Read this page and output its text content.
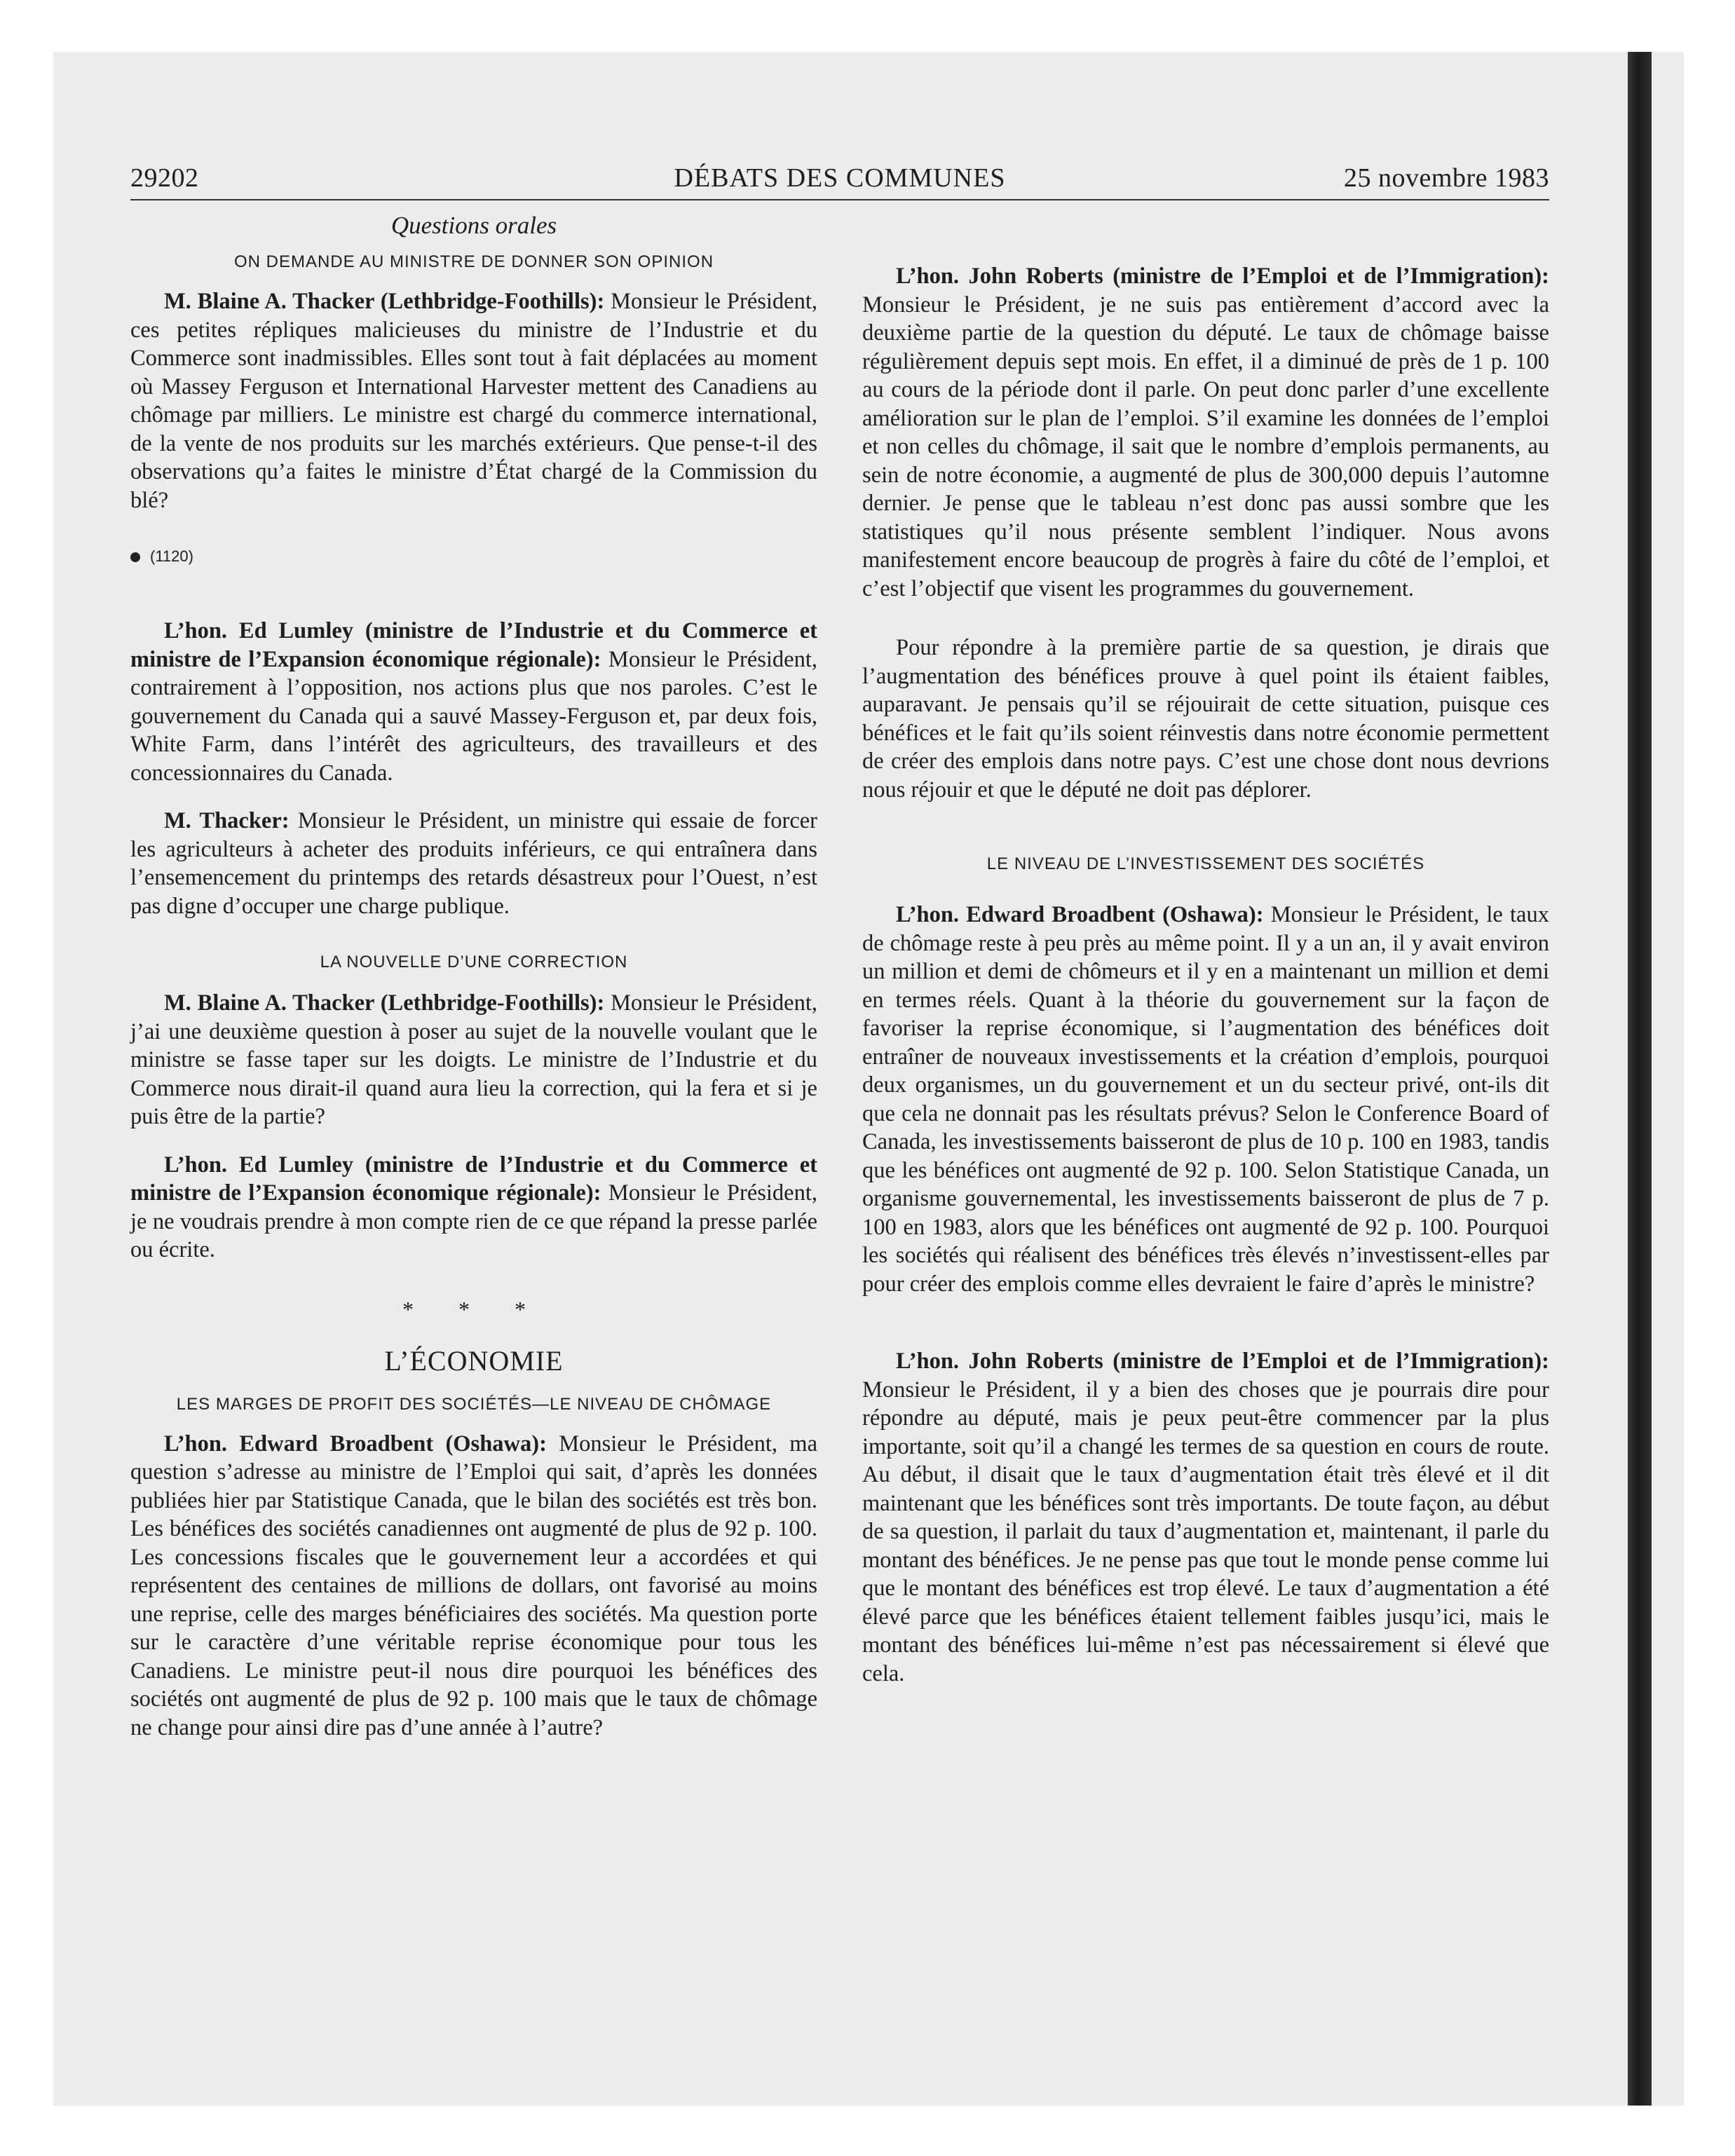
29202	DÉBATS DES COMMUNES	25 novembre 1983
Questions orales
ON DEMANDE AU MINISTRE DE DONNER SON OPINION

M. Blaine A. Thacker (Lethbridge-Foothills): Monsieur le Président, ces petites répliques malicieuses du ministre de l’Industrie et du Commerce sont inadmissibles. Elles sont tout à fait déplacées au moment où Massey Ferguson et International Harvester mettent des Canadiens au chômage par milliers. Le ministre est chargé du commerce international, de la vente de nos produits sur les marchés extérieurs. Que pense-t-il des observations qu’a faites le ministre d’État chargé de la Commission du blé?

(1120)

L’hon. Ed Lumley (ministre de l’Industrie et du Commerce et ministre de l’Expansion économique régionale): Monsieur le Président, contrairement à l’opposition, nos actions plus que nos paroles. C’est le gouvernement du Canada qui a sauvé Massey-Ferguson et, par deux fois, White Farm, dans l’intérêt des agriculteurs, des travailleurs et des concessionnaires du Canada.

M. Thacker: Monsieur le Président, un ministre qui essaie de forcer les agriculteurs à acheter des produits inférieurs, ce qui entraînera dans l’ensemencement du printemps des retards désastreux pour l’Ouest, n’est pas digne d’occuper une charge publique.

LA NOUVELLE D’UNE CORRECTION

M. Blaine A. Thacker (Lethbridge-Foothills): Monsieur le Président, j’ai une deuxième question à poser au sujet de la nouvelle voulant que le ministre se fasse taper sur les doigts. Le ministre de l’Industrie et du Commerce nous dirait-il quand aura lieu la correction, qui la fera et si je puis être de la partie?

L’hon. Ed Lumley (ministre de l’Industrie et du Commerce et ministre de l’Expansion économique régionale): Monsieur le Président, je ne voudrais prendre à mon compte rien de ce que répand la presse parlée ou écrite.

* * *
L’ÉCONOMIE
LES MARGES DE PROFIT DES SOCIÉTÉS—LE NIVEAU DE CHÔMAGE

L’hon. Edward Broadbent (Oshawa): Monsieur le Président, ma question s’adresse au ministre de l’Emploi qui sait, d’après les données publiées hier par Statistique Canada, que le bilan des sociétés est très bon. Les bénéfices des sociétés canadiennes ont augmenté de plus de 92 p. 100. Les concessions fiscales que le gouvernement leur a accordées et qui représentent des centaines de millions de dollars, ont favorisé au moins une reprise, celle des marges bénéficiaires des sociétés. Ma question porte sur le caractère d’une véritable reprise économique pour tous les Canadiens. Le ministre peut-il nous dire pourquoi les bénéfices des sociétés ont augmenté de plus de 92 p. 100 mais que le taux de chômage ne change pour ainsi dire pas d’une année à l’autre?

L’hon. John Roberts (ministre de l’Emploi et de l’Immigration): Monsieur le Président, je ne suis pas entièrement d’accord avec la deuxième partie de la question du député. Le taux de chômage baisse régulièrement depuis sept mois. En effet, il a diminué de près de 1 p. 100 au cours de la période dont il parle. On peut donc parler d’une excellente amélioration sur le plan de l’emploi. S’il examine les données de l’emploi et non celles du chômage, il sait que le nombre d’emplois permanents, au sein de notre économie, a augmenté de plus de 300,000 depuis l’automne dernier. Je pense que le tableau n’est donc pas aussi sombre que les statistiques qu’il nous présente semblent l’indiquer. Nous avons manifestement encore beaucoup de progrès à faire du côté de l’emploi, et c’est l’objectif que visent les programmes du gouvernement.

Pour répondre à la première partie de sa question, je dirais que l’augmentation des bénéfices prouve à quel point ils étaient faibles, auparavant. Je pensais qu’il se réjouirait de cette situation, puisque ces bénéfices et le fait qu’ils soient réinvestis dans notre économie permettent de créer des emplois dans notre pays. C’est une chose dont nous devrions nous réjouir et que le député ne doit pas déplorer.

LE NIVEAU DE L’INVESTISSEMENT DES SOCIÉTÉS

L’hon. Edward Broadbent (Oshawa): Monsieur le Président, le taux de chômage reste à peu près au même point. Il y a un an, il y avait environ un million et demi de chômeurs et il y en a maintenant un million et demi en termes réels. Quant à la théorie du gouvernement sur la façon de favoriser la reprise économique, si l’augmentation des bénéfices doit entraîner de nouveaux investissements et la création d’emplois, pourquoi deux organismes, un du gouvernement et un du secteur privé, ont-ils dit que cela ne donnait pas les résultats prévus? Selon le Conference Board of Canada, les investissements baisseront de plus de 10 p. 100 en 1983, tandis que les bénéfices ont augmenté de 92 p. 100. Selon Statistique Canada, un organisme gouvernemental, les investissements baisseront de plus de 7 p. 100 en 1983, alors que les bénéfices ont augmenté de 92 p. 100. Pourquoi les sociétés qui réalisent des bénéfices très élevés n’investissent-elles par pour créer des emplois comme elles devraient le faire d’après le ministre?

L’hon. John Roberts (ministre de l’Emploi et de l’Immigration): Monsieur le Président, il y a bien des choses que je pourrais dire pour répondre au député, mais je peux peut-être commencer par la plus importante, soit qu’il a changé les termes de sa question en cours de route. Au début, il disait que le taux d’augmentation était très élevé et il dit maintenant que les bénéfices sont très importants. De toute façon, au début de sa question, il parlait du taux d’augmentation et, maintenant, il parle du montant des bénéfices. Je ne pense pas que tout le monde pense comme lui que le montant des bénéfices est trop élevé. Le taux d’augmentation a été élevé parce que les bénéfices étaient tellement faibles jusqu’ici, mais le montant des bénéfices lui-même n’est pas nécessairement si élevé que cela.
